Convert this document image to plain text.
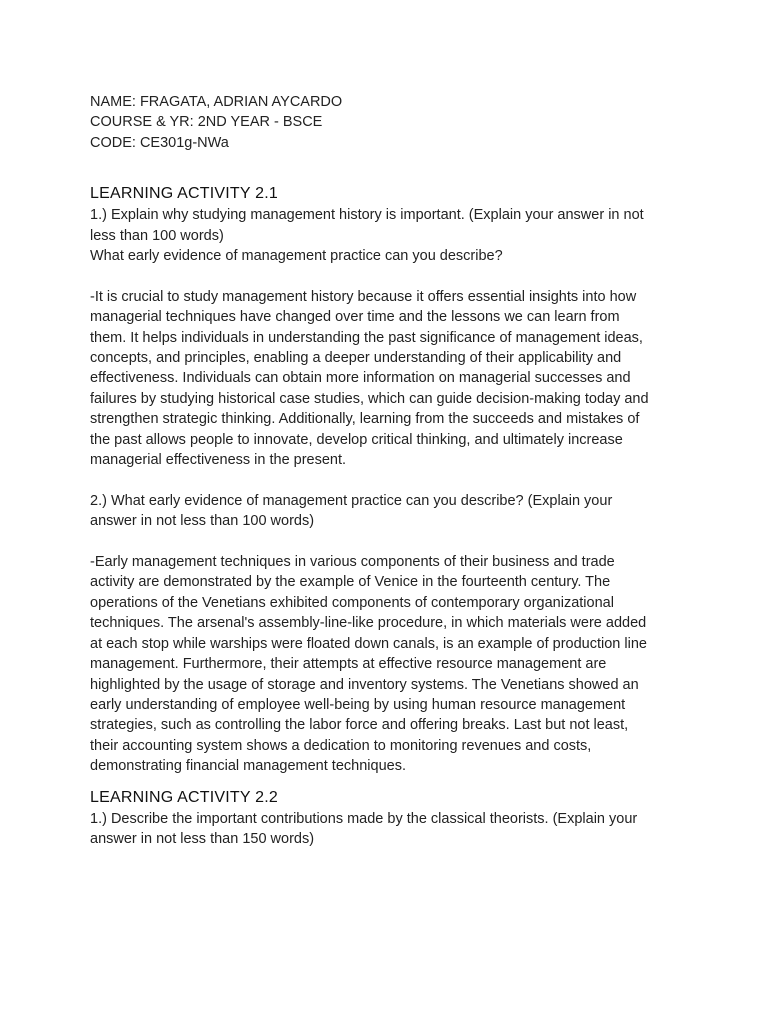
NAME: FRAGATA, ADRIAN AYCARDO

COURSE & YR: 2ND YEAR - BSCE

CODE: CE301g-NWa

LEARNING ACTIVITY 2.1

1.) Explain why studying management history is important. (Explain your answer in not

less than 100 words)

What early evidence of management practice can you describe?

-It is crucial to study management history because it offers essential insights into how

managerial techniques have changed over time and the lessons we can learn from

them. It helps individuals in understanding the past significance of management ideas,

concepts, and principles, enabling a deeper understanding of their applicability and

effectiveness. Individuals can obtain more information on managerial successes and

failures by studying historical case studies, which can guide decision-making today and

strengthen strategic thinking. Additionally, learning from the succeeds and mistakes of

the past allows people to innovate, develop critical thinking, and ultimately increase

managerial effectiveness in the present.

2.) What early evidence of management practice can you describe? (Explain your

answer in not less than 100 words)

-Early management techniques in various components of their business and trade

activity are demonstrated by the example of Venice in the fourteenth century. The

operations of the Venetians exhibited components of contemporary organizational

techniques. The arsenal's assembly-line-like procedure, in which materials were added

at each stop while warships were floated down canals, is an example of production line

management. Furthermore, their attempts at effective resource management are

highlighted by the usage of storage and inventory systems. The Venetians showed an

early understanding of employee well-being by using human resource management

strategies, such as controlling the labor force and offering breaks. Last but not least,

their accounting system shows a dedication to monitoring revenues and costs,

demonstrating financial management techniques.

LEARNING ACTIVITY 2.2

1.) Describe the important contributions made by the classical theorists. (Explain your

answer in not less than 150 words)
